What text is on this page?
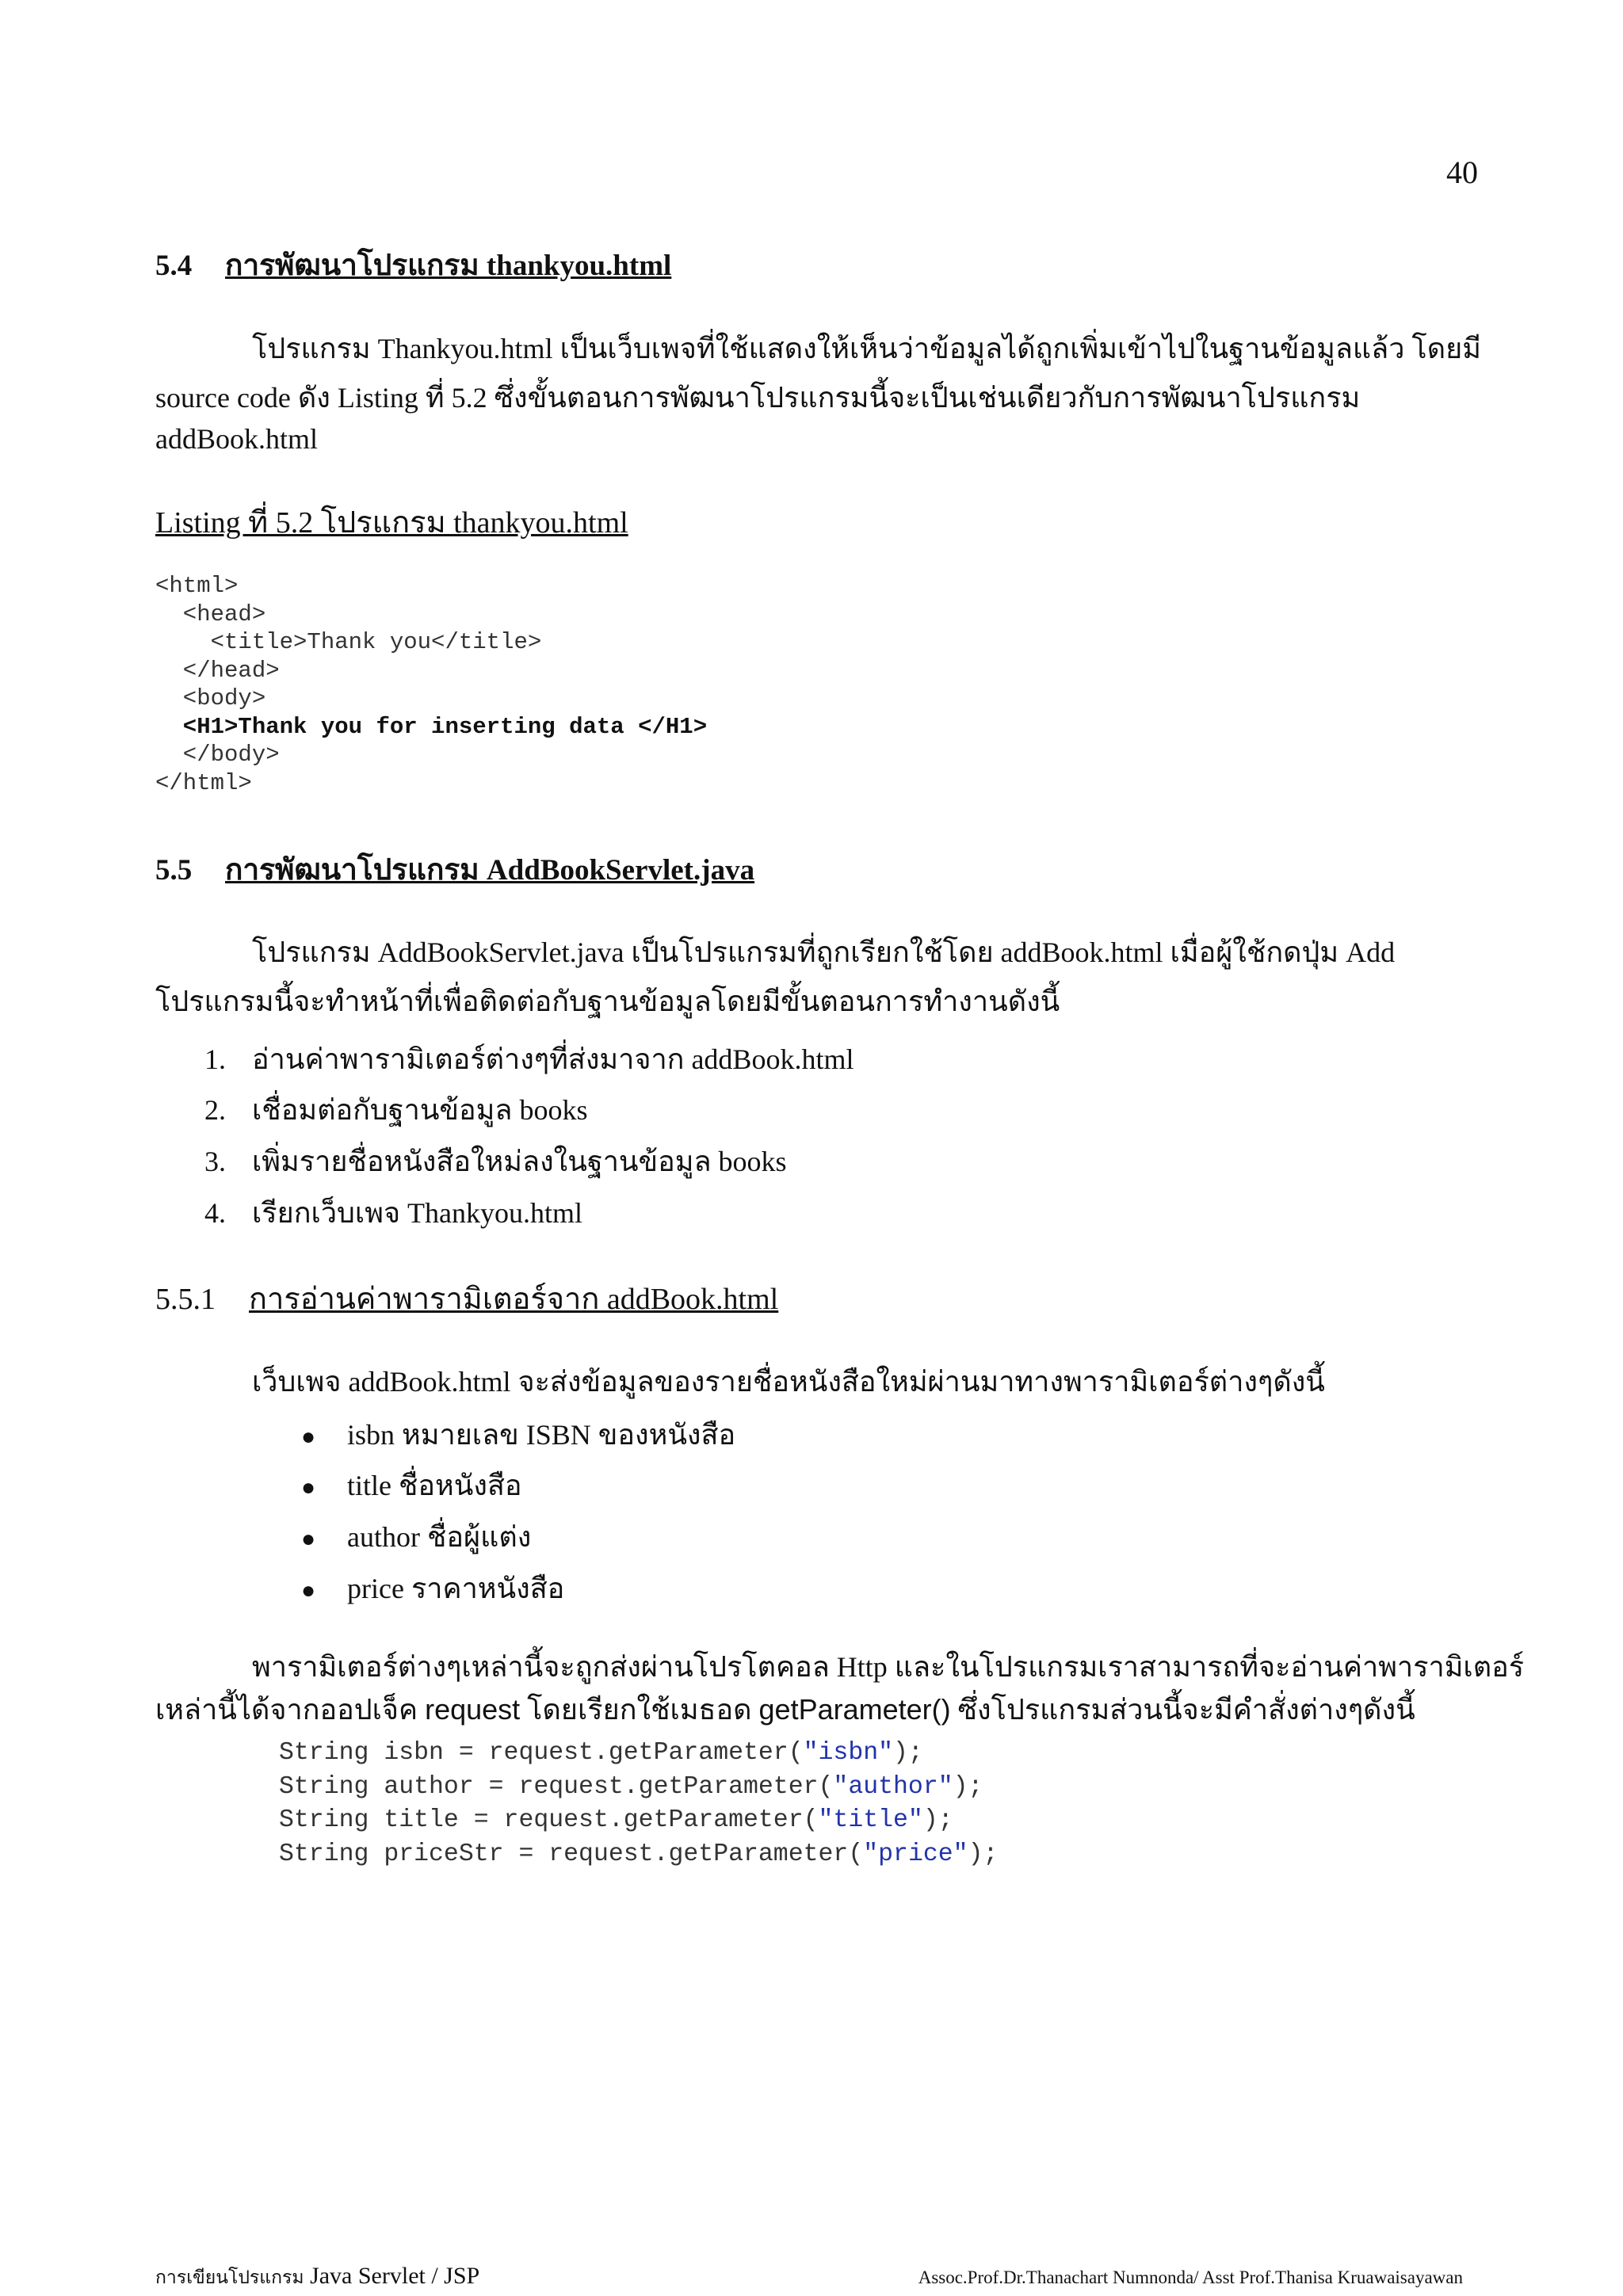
40
5.4 การพัฒนาโปรแกรม thankyou.html
โปรแกรม Thankyou.html เป็นเว็บเพจที่ใช้แสดงให้เห็นว่าข้อมูลได้ถูกเพิ่มเข้าไปในฐานข้อมูลแล้ว โดยมี
source code ดัง Listing ที่ 5.2 ซึ่งขั้นตอนการพัฒนาโปรแกรมนี้จะเป็นเช่นเดียวกับการพัฒนาโปรแกรม
addBook.html
Listing ที่ 5.2 โปรแกรม thankyou.html
<html>
<head>
<title>Thank you</title>
</head>
<body>
<H1>Thank you for inserting data </H1>
</body>
</html>
5.5 การพัฒนาโปรแกรม AddBookServlet.java
โปรแกรม AddBookServlet.java เป็นโปรแกรมที่ถูกเรียกใช้โดย addBook.html เมื่อผู้ใช้กดปุ่ม Add
โปรแกรมนี้จะทำหน้าที่เพื่อติดต่อกับฐานข้อมูลโดยมีขั้นตอนการทำงานดังนี้
1. อ่านค่าพารามิเตอร์ต่างๆที่ส่งมาจาก addBook.html
2. เชื่อมต่อกับฐานข้อมูล books
3. เพิ่มรายชื่อหนังสือใหม่ลงในฐานข้อมูล books
4. เรียกเว็บเพจ Thankyou.html
5.5.1 การอ่านค่าพารามิเตอร์จาก addBook.html
เว็บเพจ addBook.html จะส่งข้อมูลของรายชื่อหนังสือใหม่ผ่านมาทางพารามิเตอร์ต่างๆดังนี้
● isbn หมายเลข ISBN ของหนังสือ
● title ชื่อหนังสือ
● author ชื่อผู้แต่ง
● price ราคาหนังสือ
พารามิเตอร์ต่างๆเหล่านี้จะถูกส่งผ่านโปรโตคอล Http และในโปรแกรมเราสามารถที่จะอ่านค่าพารามิเตอร์
เหล่านี้ได้จากออปเจ็ค request โดยเรียกใช้เมธอด getParameter() ซึ่งโปรแกรมส่วนนี้จะมีคำสั่งต่างๆดังนี้
String isbn = request.getParameter("isbn");
String author = request.getParameter("author");
String title = request.getParameter("title");
String priceStr = request.getParameter("price");
การเขียนโปรแกรม Java Servlet / JSP	Assoc.Prof.Dr.Thanachart Numnonda/ Asst Prof.Thanisa Kruawaisayawan
